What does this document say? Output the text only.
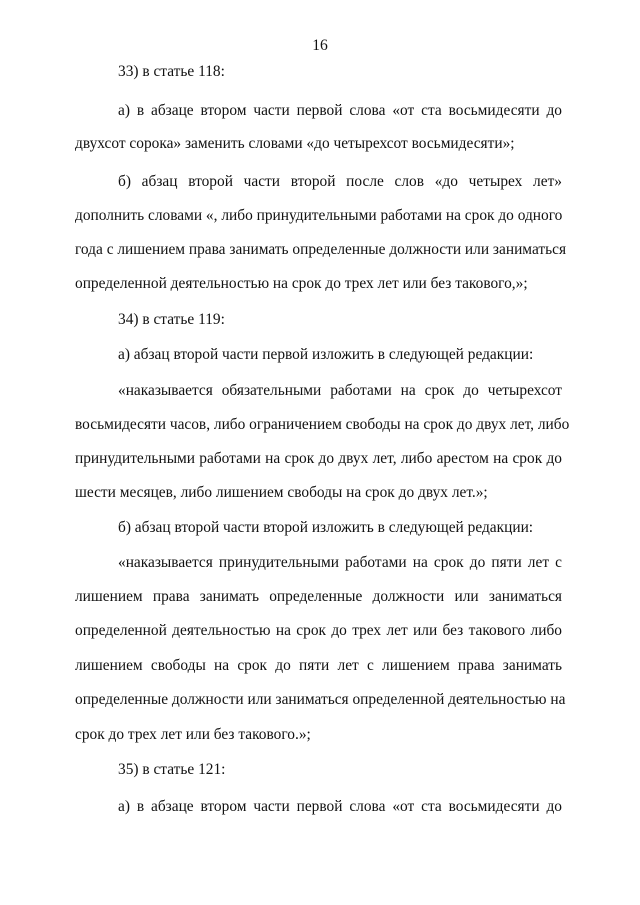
16
33) в статье 118:
а) в абзаце втором части первой слова «от ста восьмидесяти до
двухсот сорока» заменить словами «до четырехсот восьмидесяти»;
б) абзац второй части второй после слов «до четырех лет»
дополнить словами «, либо принудительными работами на срок до одного
года с лишением права занимать определенные должности или заниматься
определенной деятельностью на срок до трех лет или без такового,»;
34) в статье 119:
а) абзац второй части первой изложить в следующей редакции:
«наказывается обязательными работами на срок до четырехсот
восьмидесяти часов, либо ограничением свободы на срок до двух лет, либо
принудительными работами на срок до двух лет, либо арестом на срок до
шести месяцев, либо лишением свободы на срок до двух лет.»;
б) абзац второй части второй изложить в следующей редакции:
«наказывается принудительными работами на срок до пяти лет с
лишением права занимать определенные должности или заниматься
определенной деятельностью на срок до трех лет или без такового либо
лишением свободы на срок до пяти лет с лишением права занимать
определенные должности или заниматься определенной деятельностью на
срок до трех лет или без такового.»;
35) в статье 121:
а) в абзаце втором части первой слова «от ста восьмидесяти до
